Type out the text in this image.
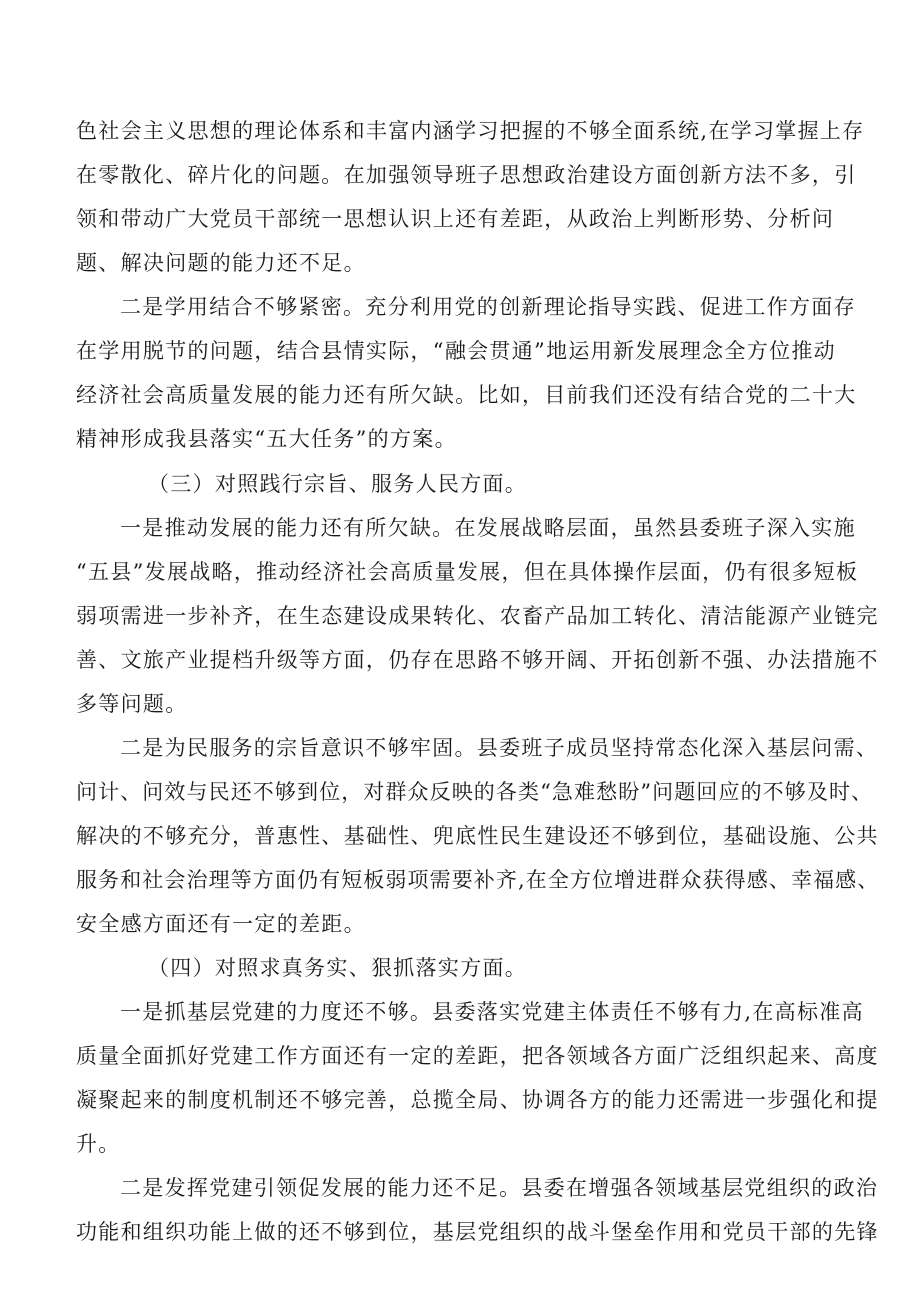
色社会主义思想的理论体系和丰富内涵学习把握的不够全面系统,在学习掌握上存
在零散化、碎片化的问题。在加强领导班子思想政治建设方面创新方法不多，引
领和带动广大党员干部统一思想认识上还有差距，从政治上判断形势、分析问
题、解决问题的能力还不足。
二是学用结合不够紧密。充分利用党的创新理论指导实践、促进工作方面存
在学用脱节的问题，结合县情实际，“融会贯通”地运用新发展理念全方位推动
经济社会高质量发展的能力还有所欠缺。比如，目前我们还没有结合党的二十大
精神形成我县落实“五大任务”的方案。
（三）对照践行宗旨、服务人民方面。
一是推动发展的能力还有所欠缺。在发展战略层面，虽然县委班子深入实施
“五县”发展战略，推动经济社会高质量发展，但在具体操作层面，仍有很多短板
弱项需进一步补齐，在生态建设成果转化、农畜产品加工转化、清洁能源产业链完
善、文旅产业提档升级等方面，仍存在思路不够开阔、开拓创新不强、办法措施不
多等问题。
二是为民服务的宗旨意识不够牢固。县委班子成员坚持常态化深入基层问需、
问计、问效与民还不够到位，对群众反映的各类“急难愁盼”问题回应的不够及时、
解决的不够充分，普惠性、基础性、兜底性民生建设还不够到位，基础设施、公共
服务和社会治理等方面仍有短板弱项需要补齐,在全方位增进群众获得感、幸福感、
安全感方面还有一定的差距。
（四）对照求真务实、狠抓落实方面。
一是抓基层党建的力度还不够。县委落实党建主体责任不够有力,在高标准高
质量全面抓好党建工作方面还有一定的差距，把各领域各方面广泛组织起来、高度
凝聚起来的制度机制还不够完善，总揽全局、协调各方的能力还需进一步强化和提
升。
二是发挥党建引领促发展的能力还不足。县委在增强各领域基层党组织的政治
功能和组织功能上做的还不够到位，基层党组织的战斗堡垒作用和党员干部的先锋
